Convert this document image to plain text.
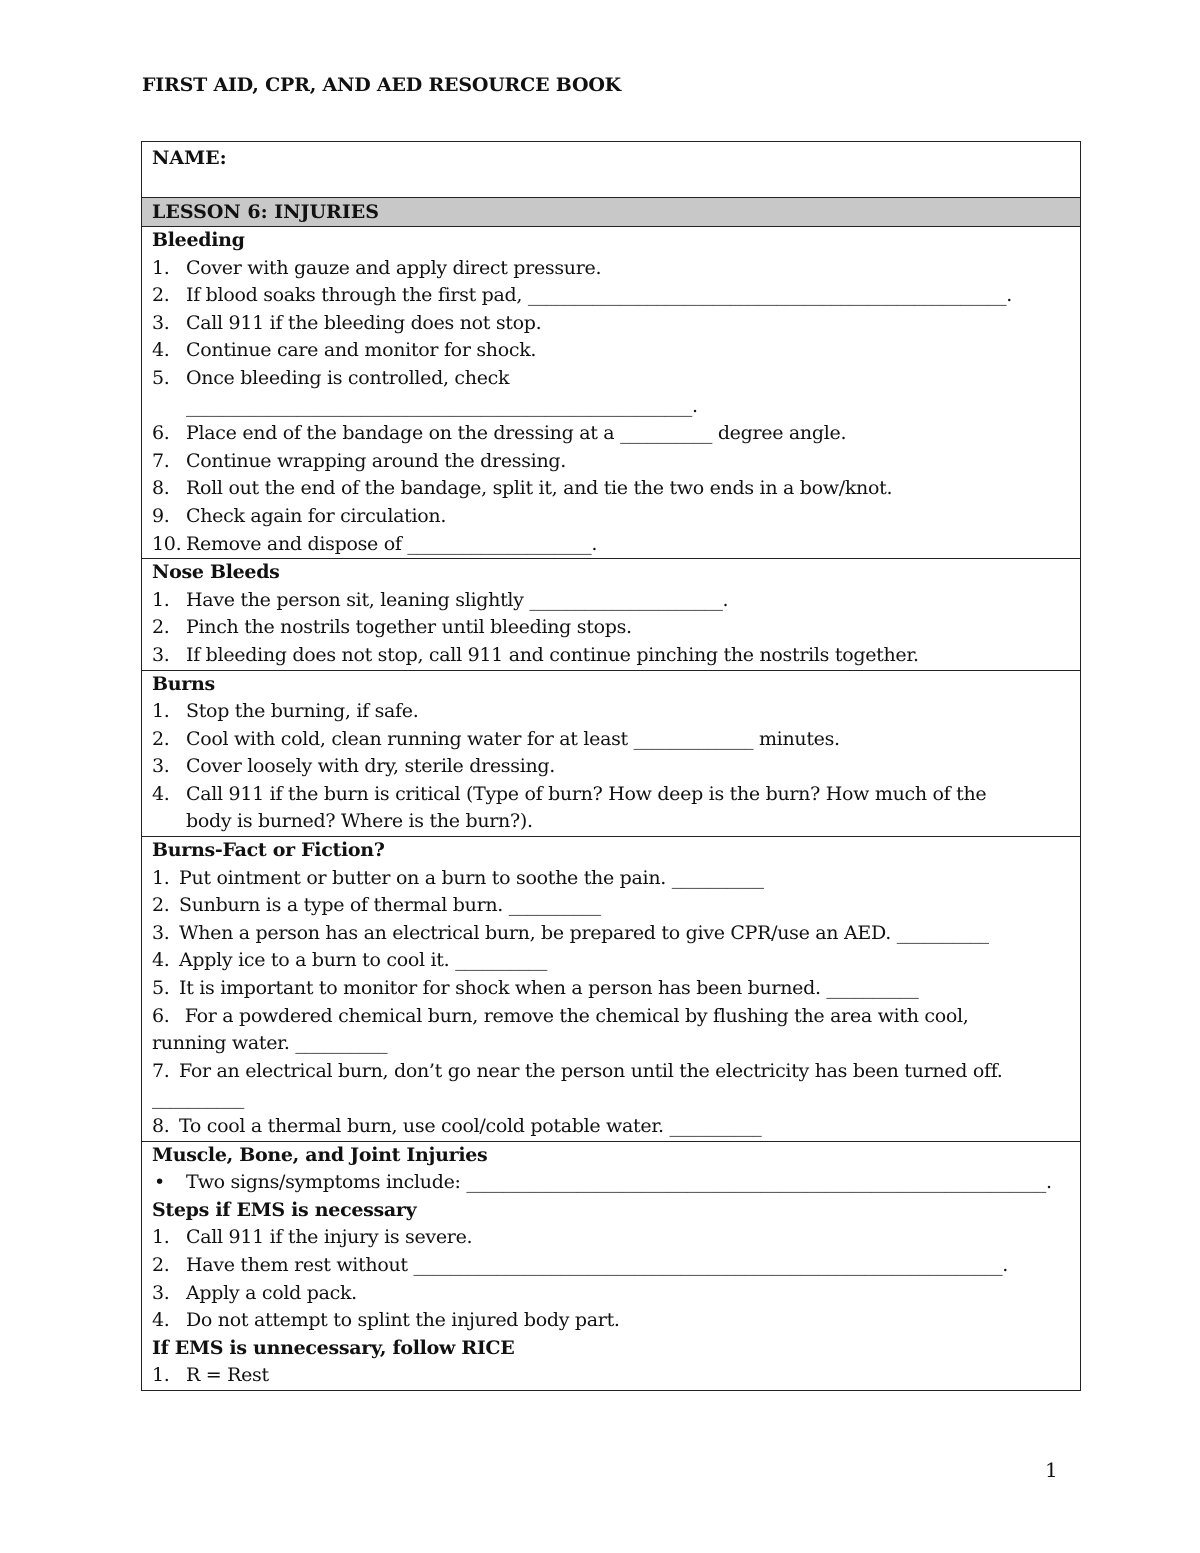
FIRST AID, CPR, AND AED RESOURCE BOOK
NAME:
LESSON 6: INJURIES
Bleeding
1. Cover with gauze and apply direct pressure.
2. If blood soaks through the first pad, ____________________________________________________.
3. Call 911 if the bleeding does not stop.
4. Continue care and monitor for shock.
5. Once bleeding is controlled, check
_______________________________________________________.
6. Place end of the bandage on the dressing at a __________ degree angle.
7. Continue wrapping around the dressing.
8. Roll out the end of the bandage, split it, and tie the two ends in a bow/knot.
9. Check again for circulation.
10. Remove and dispose of ____________________.
Nose Bleeds
1. Have the person sit, leaning slightly _____________________.
2. Pinch the nostrils together until bleeding stops.
3. If bleeding does not stop, call 911 and continue pinching the nostrils together.
Burns
1. Stop the burning, if safe.
2. Cool with cold, clean running water for at least _____________ minutes.
3. Cover loosely with dry, sterile dressing.
4. Call 911 if the burn is critical (Type of burn? How deep is the burn? How much of the
body is burned? Where is the burn?).
Burns-Fact or Fiction?
1. Put ointment or butter on a burn to soothe the pain. __________
2. Sunburn is a type of thermal burn. __________
3. When a person has an electrical burn, be prepared to give CPR/use an AED. __________
4. Apply ice to a burn to cool it. __________
5. It is important to monitor for shock when a person has been burned. __________
6. For a powdered chemical burn, remove the chemical by flushing the area with cool,
running water. __________
7. For an electrical burn, don’t go near the person until the electricity has been turned off.
__________
8. To cool a thermal burn, use cool/cold potable water. __________
Muscle, Bone, and Joint Injuries
• Two signs/symptoms include: _______________________________________________________________.
Steps if EMS is necessary
1. Call 911 if the injury is severe.
2. Have them rest without ________________________________________________________________.
3. Apply a cold pack.
4. Do not attempt to splint the injured body part.
If EMS is unnecessary, follow RICE
1. R = Rest
1
